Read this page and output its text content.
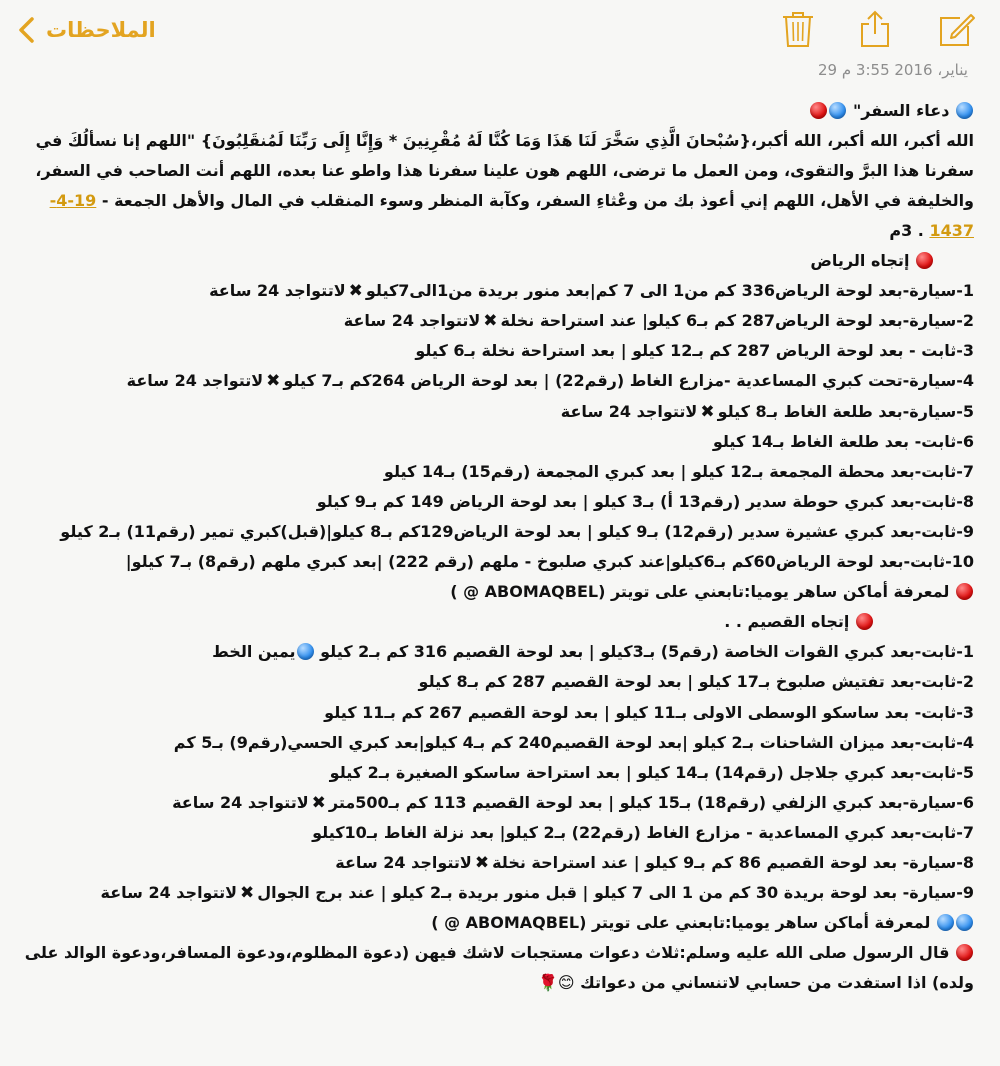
الملاحظات
29 يناير، 2016 3:55 م
دعاء السفر"
الله أكبر، الله أكبر، الله أكبر،{سُبْحانَ الَّذِي سَخَّرَ لَنَا هَذَا وَمَا كُنَّا لَهُ مُقْرِنِينَ * وَإِنَّا إِلَى رَبِّنَا لَمُنقَلِبُونَ} "اللهم إنا نسألُكَ في سفرنا هذا البرَّ والتقوى، ومن العمل ما ترضى، اللهم هون علينا سفرنا هذا واطو عنا بعده، اللهم أنت الصاحب في السفر، والخليفة في الأهل، اللهم إني أعوذ بك من وعْثاءِ السفر، وكآبة المنظر وسوء المنقلب في المال والأهل الجمعة - 19-4-1437 . 3م
إتجاه الرياض
1-سيارة-بعد لوحة الرياض336 كم من1 الى 7 كم|بعد منور بريدة من1الى7كيلو✖لاتتواجد 24 ساعة
2-سيارة-بعد لوحة الرياض287 كم بـ6 كيلو| عند استراحة نخلة✖لاتتواجد 24 ساعة
3-ثابت - بعد لوحة الرياض 287 كم بـ12 كيلو | بعد استراحة نخلة بـ6 كيلو
4-سيارة-تحت كبري المساعدية -مزارع الغاط (رقم22) | بعد لوحة الرياض 264كم بـ7 كيلو✖لاتتواجد 24 ساعة
5-سيارة-بعد طلعة الغاط بـ8 كيلو✖لاتتواجد 24 ساعة
6-ثابت- بعد طلعة الغاط بـ14 كيلو
7-ثابت-بعد محطة المجمعة بـ12 كيلو | بعد كبري المجمعة (رقم15) بـ14 كيلو
8-ثابت-بعد كبري حوطة سدير (رقم13 أ) بـ3 كيلو | بعد لوحة الرياض 149 كم بـ9 كيلو
9-ثابت-بعد كبري عشيرة سدير (رقم12) بـ9 كيلو | بعد لوحة الرياض129كم بـ8 كيلو|(قبل)كبري تمير (رقم11) بـ2 كيلو
10-ثابت-بعد لوحة الرياض60كم بـ6كيلو|عند كبري صلبوخ - ملهم (رقم 222) |بعد كبري ملهم (رقم8) بـ7 كيلو|
لمعرفة أماكن ساهر يوميا:تابعني على تويتر (ABOMAQBEL @ )
إتجاه القصيم . .
1-ثابت-بعد كبري القوات الخاصة (رقم5) بـ3كيلو | بعد لوحة القصيم 316 كم بـ2 كيلو يمين الخط
2-ثابت-بعد تفتيش صلبوخ بـ17 كيلو | بعد لوحة القصيم 287 كم بـ8 كيلو
3-ثابت- بعد ساسكو الوسطى الاولى بـ11 كيلو | بعد لوحة القصيم 267 كم بـ11 كيلو
4-ثابت-بعد ميزان الشاحنات بـ2 كيلو |بعد لوحة القصيم240 كم بـ4 كيلو|بعد كبري الحسي(رقم9) بـ5 كم
5-ثابت-بعد كبري جلاجل (رقم14) بـ14 كيلو | بعد استراحة ساسكو الصغيرة بـ2 كيلو
6-سيارة-بعد كبري الزلفي (رقم18) بـ15 كيلو | بعد لوحة القصيم 113 كم بـ500متر✖لاتتواجد 24 ساعة
7-ثابت-بعد كبري المساعدية - مزارع الغاط (رقم22) بـ2 كيلو| بعد نزلة الغاط بـ10كيلو
8-سيارة- بعد لوحة القصيم 86 كم بـ9 كيلو | عند استراحة نخلة✖لاتتواجد 24 ساعة
9-سيارة- بعد لوحة بريدة 30 كم من 1 الى 7 كيلو | قبل منور بريدة بـ2 كيلو | عند برج الجوال✖لاتتواجد 24 ساعة
لمعرفة أماكن ساهر يوميا:تابعني على تويتر (ABOMAQBEL @ )
قال الرسول صلى الله عليه وسلم:ثلاث دعوات مستجبات لاشك فيهن (دعوة المظلوم،ودعوة المسافر،ودعوة الوالد على ولده) اذا استفدت من حسابي لاتنساني من دعواتك 😊🌹
